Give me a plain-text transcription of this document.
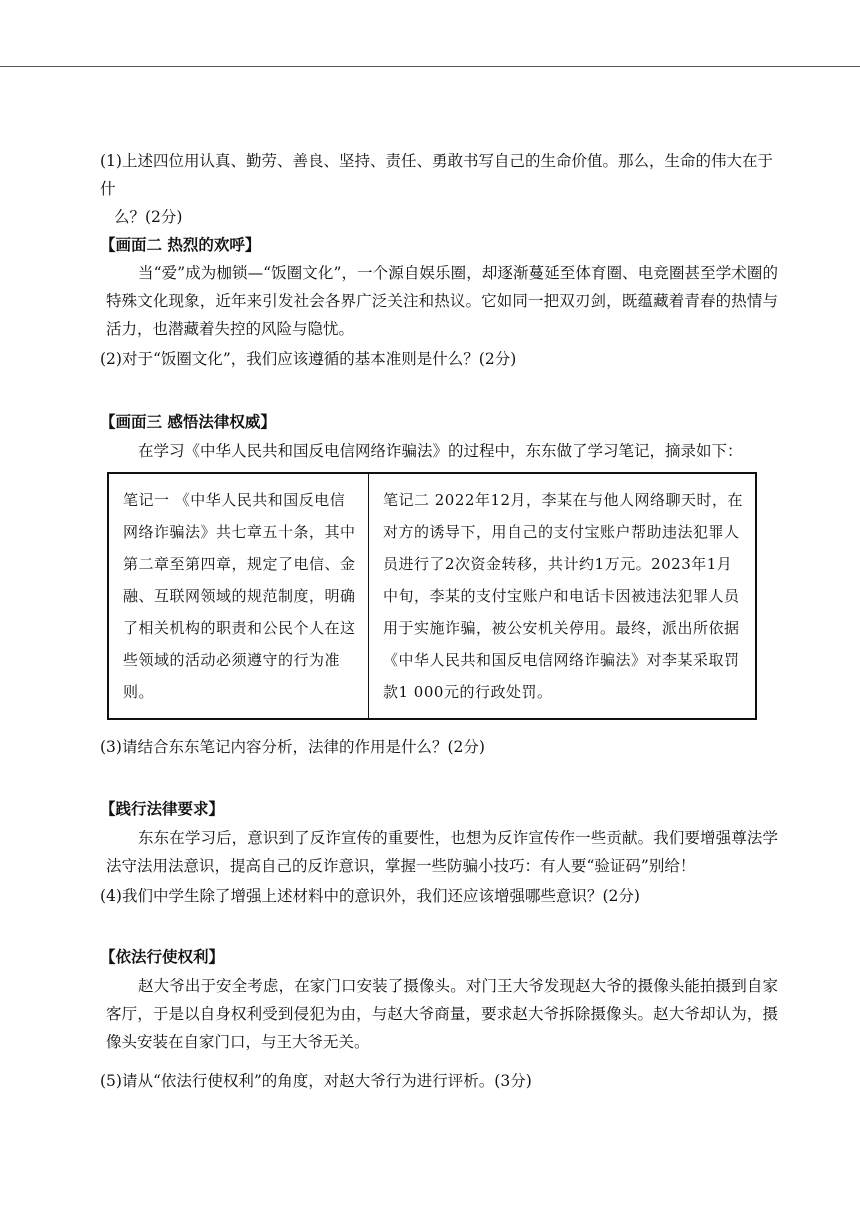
(1)上述四位用认真、勤劳、善良、坚持、责任、勇敢书写自己的生命价值。那么，生命的伟大在于什
么？(2分)
【画面二 热烈的欢呼】

当“爱”成为枷锁—“饭圈文化”，一个源自娱乐圈，却逐渐蔓延至体育圈、电竞圈甚至学术圈的特殊文化现象，近年来引发社会各界广泛关注和热议。它如同一把双刃剑，既蕴藏着青春的热情与活力，也潜藏着失控的风险与隐忧。

(2)对于“饭圈文化”，我们应该遵循的基本准则是什么？(2分)
【画面三 感悟法律权威】

在学习《中华人民共和国反电信网络诈骗法》的过程中，东东做了学习笔记，摘录如下：

笔记一 《中华人民共和国反电信网络诈骗法》共七章五十条，其中第二章至第四章，规定了电信、金融、互联网领域的规范制度，明确了相关机构的职责和公民个人在这些领域的活动必须遵守的行为准则。
笔记二 2022年12月，李某在与他人网络聊天时，在对方的诱导下，用自己的支付宝账户帮助违法犯罪人员进行了2次资金转移，共计约1万元。2023年1月中旬，李某的支付宝账户和电话卡因被违法犯罪人员用于实施诈骗，被公安机关停用。最终，派出所依据《中华人民共和国反电信网络诈骗法》对李某采取罚款1 000元的行政处罚。
(3)请结合东东笔记内容分析，法律的作用是什么？(2分)
【践行法律要求】

东东在学习后，意识到了反诈宣传的重要性，也想为反诈宣传作一些贡献。我们要增强尊法学法守法用法意识，提高自己的反诈意识，掌握一些防骗小技巧：有人要“验证码”别给！

(4)我们中学生除了增强上述材料中的意识外，我们还应该增强哪些意识？(2分)
【依法行使权利】

赵大爷出于安全考虑，在家门口安装了摄像头。对门王大爷发现赵大爷的摄像头能拍摄到自家客厅，于是以自身权利受到侵犯为由，与赵大爷商量，要求赵大爷拆除摄像头。赵大爷却认为，摄像头安装在自家门口，与王大爷无关。

(5)请从“依法行使权利”的角度，对赵大爷行为进行评析。(3分)
